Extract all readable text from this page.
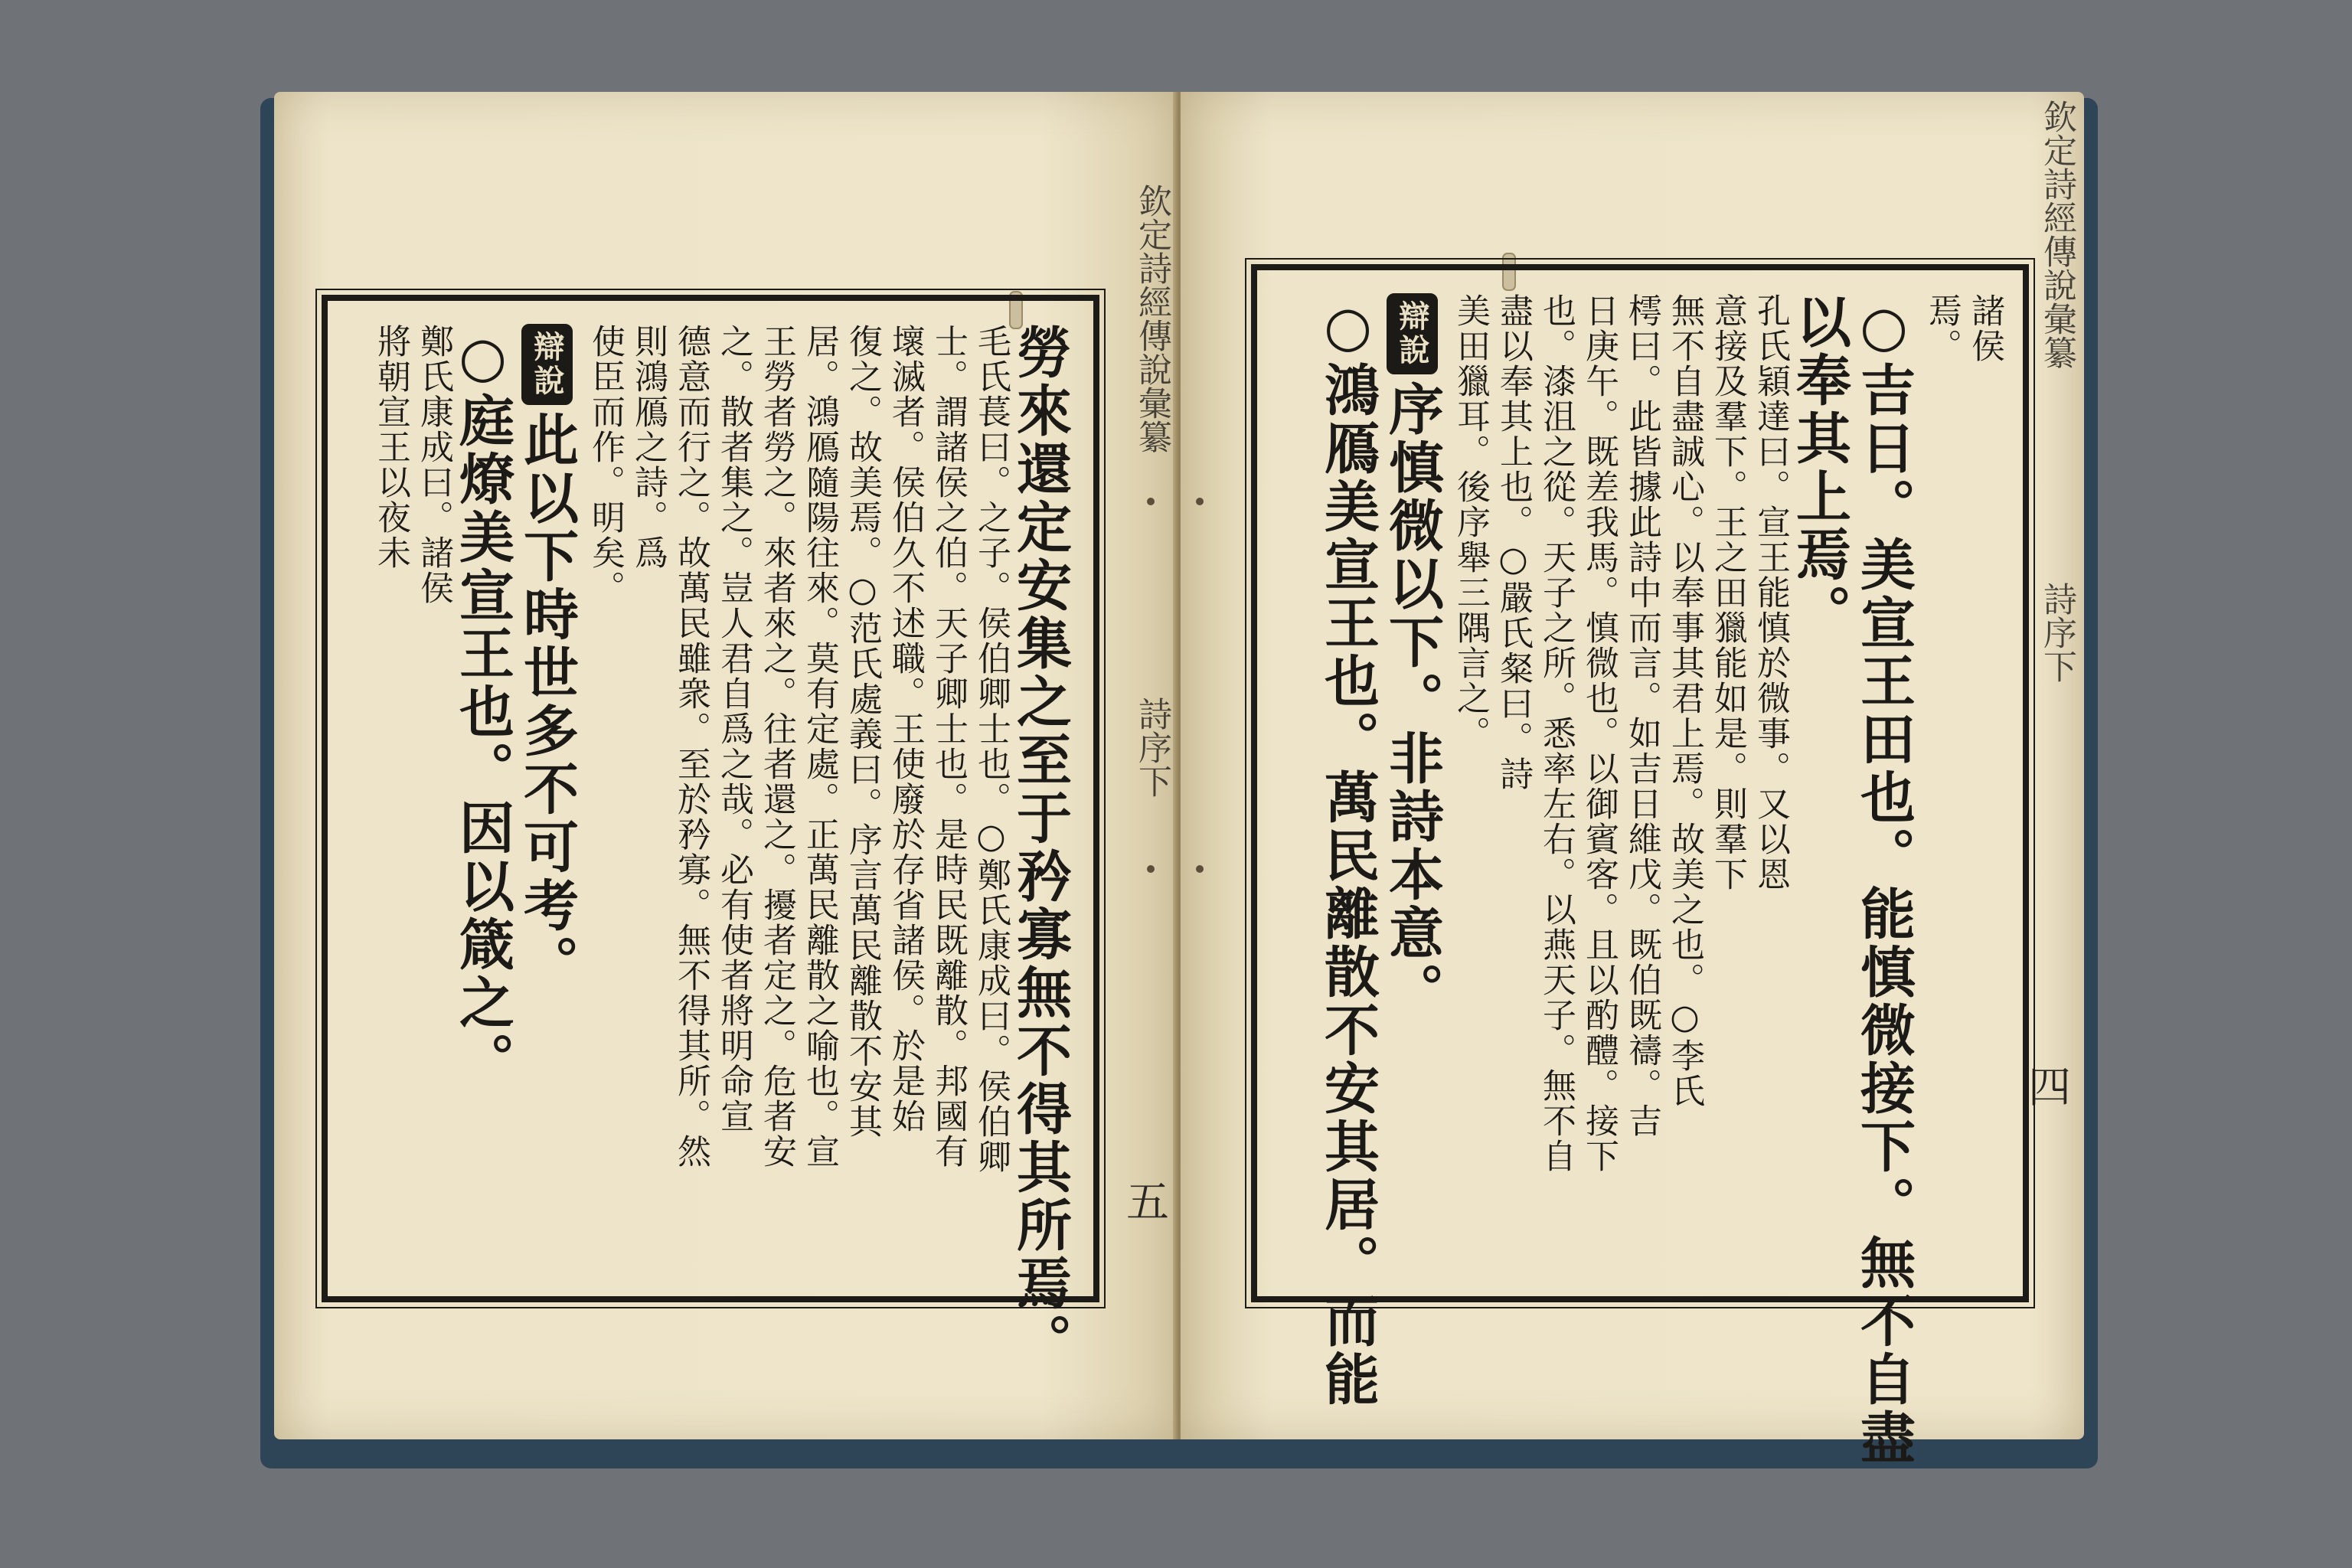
欽定詩經傳說彙纂
詩序下
五
勞來還定安集之至于矜寡無不得其所焉。
毛氏萇曰。之子。侯伯卿士也。○鄭氏康成曰。侯伯卿
士。謂諸侯之伯。天子卿士也。是時民既離散。邦國有
壞滅者。侯伯久不述職。王使廢於存省諸侯。於是始
復之。故美焉。○范氏處義曰。序言萬民離散不安其
居。鴻鴈隨陽往來。莫有定處。正萬民離散之喻也。宣
王勞者勞之。來者來之。往者還之。擾者定之。危者安
之。散者集之。豈人君自爲之哉。必有使者將明命宣
德意而行之。故萬民雖衆。至於矜寡。無不得其所。然
則鴻鴈之詩。爲
使臣而作。明矣。
辯說此以下時世多不可考。
○庭燎美宣王也。因以箴之。
鄭氏康成曰。諸侯
將朝宣王以夜未
欽定詩經傳說彙纂
詩序下
四
諸侯
焉。
○吉日。美宣王田也。能慎微接下。無不自盡
以奉其上焉。
孔氏穎達曰。宣王能慎於微事。又以恩
意接及羣下。王之田獵能如是。則羣下
無不自盡誠心。以奉事其君上焉。故美之也。○李氏
樗曰。此皆據此詩中而言。如吉日維戊。既伯既禱。吉
日庚午。既差我馬。慎微也。以御賓客。且以酌醴。接下
也。漆沮之從。天子之所。悉率左右。以燕天子。無不自
盡以奉其上也。○嚴氏粲曰。詩
美田獵耳。後序舉三隅言之。
辯說序慎微以下。非詩本意。
○鴻鴈美宣王也。萬民離散不安其居。而能
